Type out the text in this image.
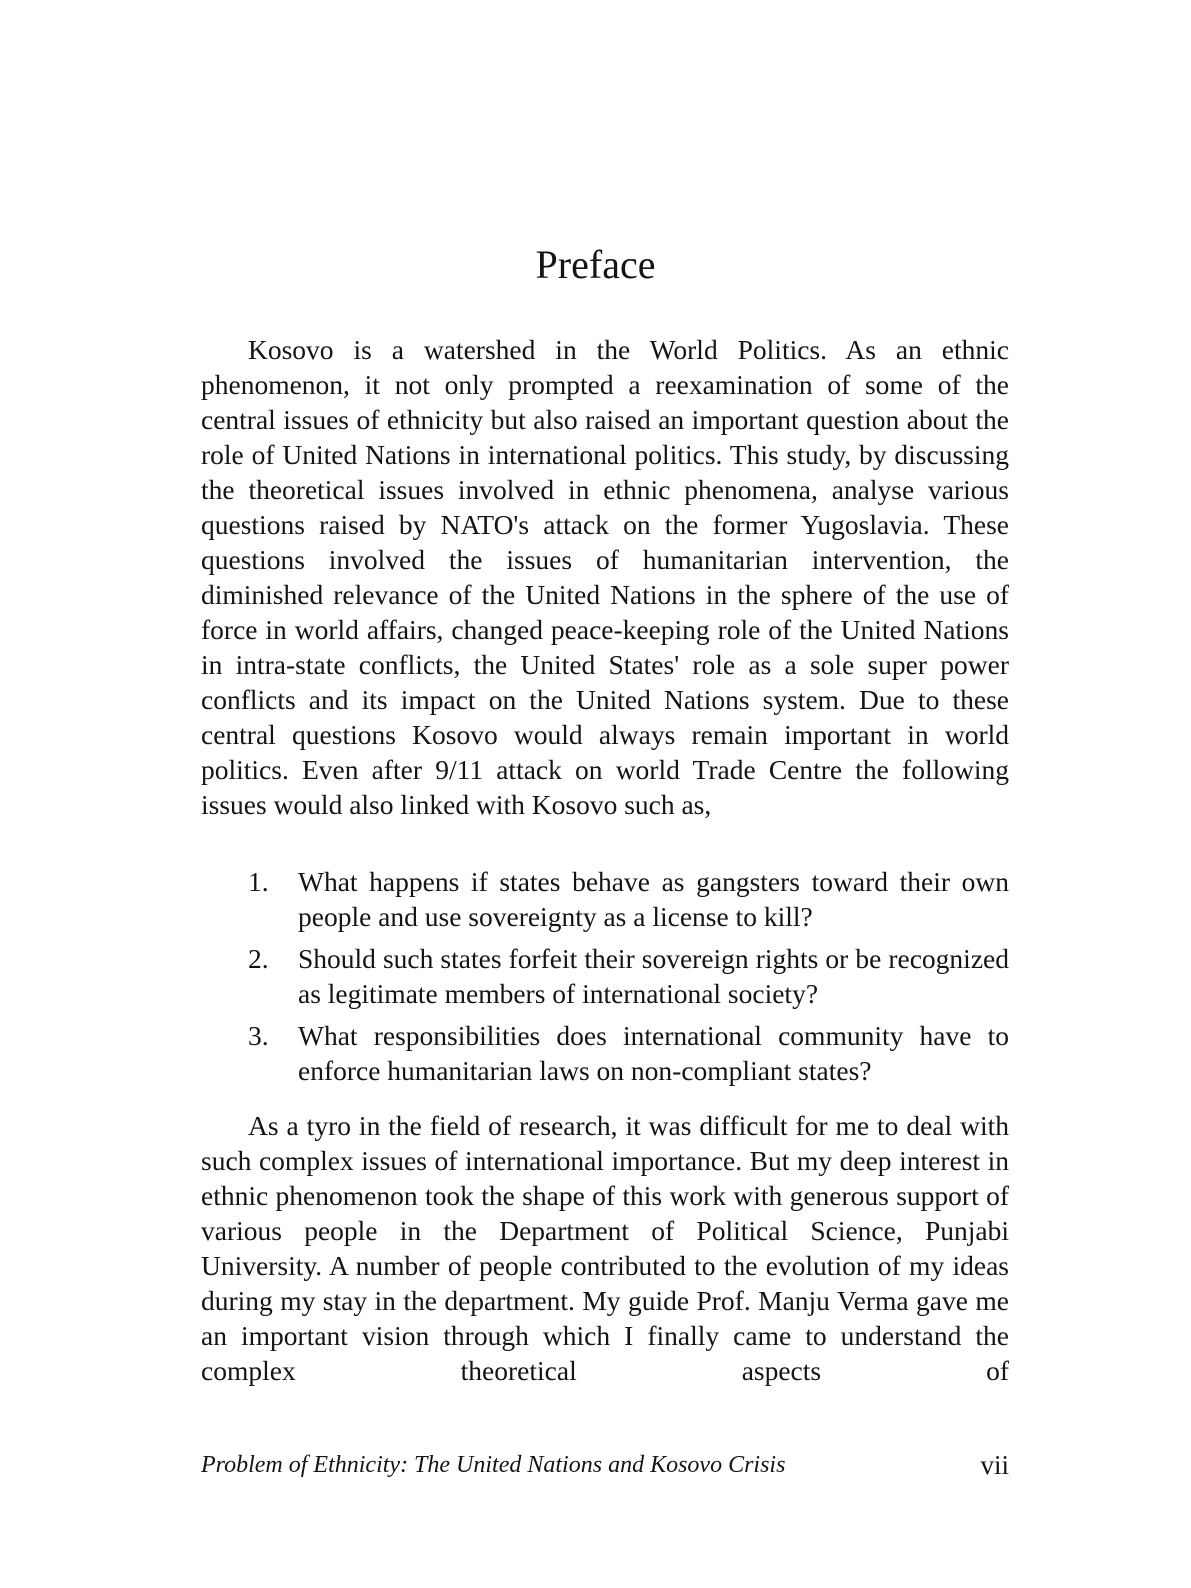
Preface

Kosovo is a watershed in the World Politics. As an ethnic phenomenon, it not only prompted a reexamination of some of the central issues of ethnicity but also raised an important question about the role of United Nations in international politics. This study, by discussing the theoretical issues involved in ethnic phenomena, analyse various questions raised by NATO's attack on the former Yugoslavia. These questions involved the issues of humanitarian intervention, the diminished relevance of the United Nations in the sphere of the use of force in world affairs, changed peace-keeping role of the United Nations in intra-state conflicts, the United States' role as a sole super power conflicts and its impact on the United Nations system. Due to these central questions Kosovo would always remain important in world politics. Even after 9/11 attack on world Trade Centre the following issues would also linked with Kosovo such as,

1. What happens if states behave as gangsters toward their own people and use sovereignty as a license to kill?
2. Should such states forfeit their sovereign rights or be recognized as legitimate members of international society?
3. What responsibilities does international community have to enforce humanitarian laws on non-compliant states?

As a tyro in the field of research, it was difficult for me to deal with such complex issues of international importance. But my deep interest in ethnic phenomenon took the shape of this work with generous support of various people in the Department of Political Science, Punjabi University. A number of people contributed to the evolution of my ideas during my stay in the department. My guide Prof. Manju Verma gave me an important vision through which I finally came to understand the complex theoretical aspects of

Problem of Ethnicity: The United Nations and Kosovo Crisis	vii
